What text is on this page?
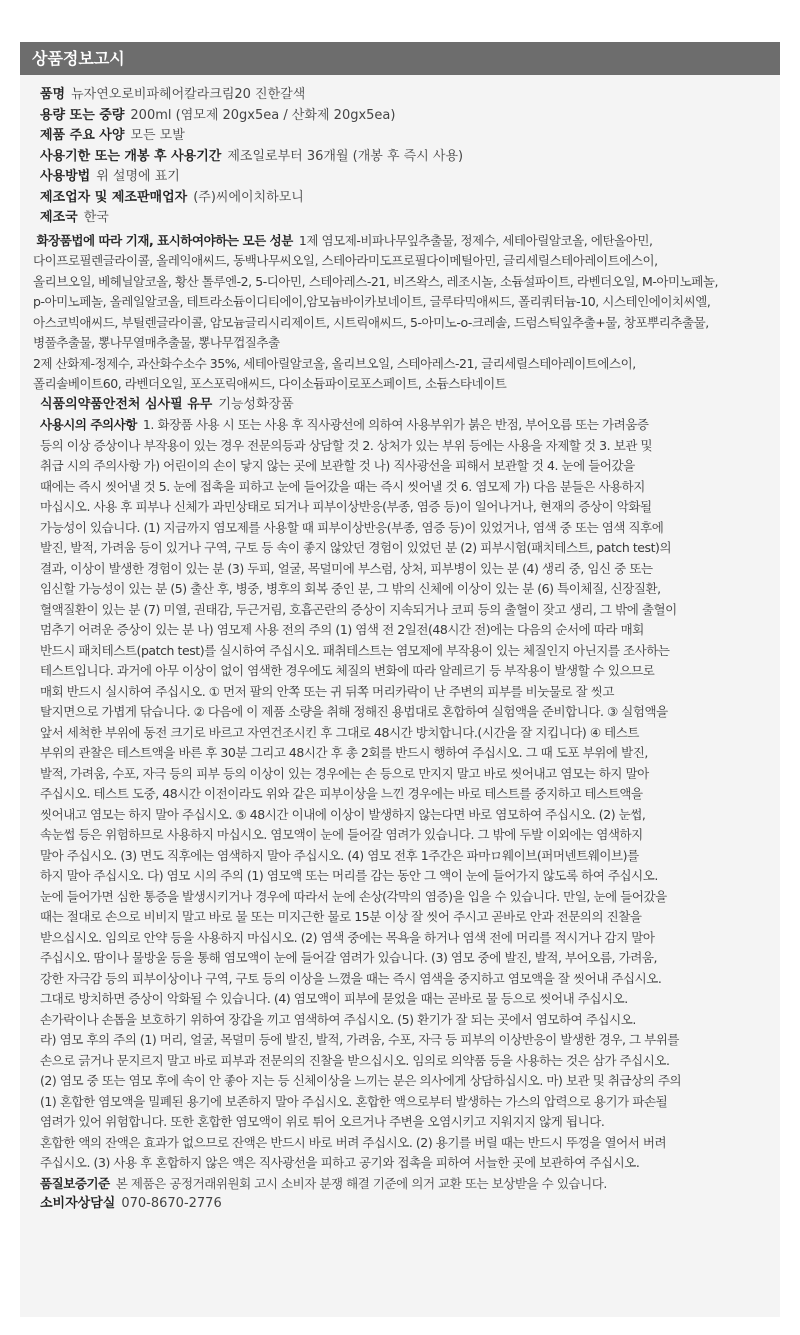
상품정보고시

품명 뉴자연오로비파헤어칼라크림20 진한갈색

용량 또는 중량 200ml (염모제 20gx5ea / 산화제 20gx5ea)

제품 주요 사양 모든 모발

사용기한 또는 개봉 후 사용기간 제조일로부터 36개월 (개봉 후 즉시 사용)

사용방법 위 설명에 표기

제조업자 및 제조판매업자 (주)씨에이치하모니

제조국 한국

화장품법에 따라 기재, 표시하여야하는 모든 성분 1제 염모제-비파나무잎추출물, 정제수, 세테아릴알코올, 에탄올아민,
다이프로필렌글라이콜, 올레익애씨드, 동백나무씨오일, 스테아라미도프로필다이메틸아민, 글리세릴스테아레이트에스이,
올리브오일, 베헤닐알코올, 황산 톨루엔-2, 5-디아민, 스테아레스-21, 비즈왁스, 레조시놀, 소듐설파이트, 라벤더오일, M-아미노페놀,
p-아미노페놀, 올레일알코올, 테트라소듐이디티에이,암모늄바이카보네이트, 글루타믹애씨드, 폴리쿼터늄-10, 시스테인에이치씨엘,
아스코빅애씨드, 부틸렌글라이콜, 암모늄글리시리제이트, 시트릭애씨드, 5-아미노-o-크레솔, 드럼스틱잎추출+물, 창포뿌리추출물,
병풀추출물, 뽕나무열매추출물, 뽕나무껍질추출
2제 산화제-정제수, 과산화수소수 35%, 세테아릴알코올, 올리브오일, 스테아레스-21, 글리세릴스테아레이트에스이,
폴리솔베이트60, 라벤더오일, 포스포릭애씨드, 다이소듐파이로포스페이트, 소듐스타네이트

식품의약품안전처 심사필 유무 기능성화장품

사용시의 주의사항 1. 화장품 사용 시 또는 사용 후 직사광선에 의하여 사용부위가 붉은 반점, 부어오름 또는 가려움증
등의 이상 증상이나 부작용이 있는 경우 전문의등과 상담할 것 2. 상처가 있는 부위 등에는 사용을 자제할 것 3. 보관 및
취급 시의 주의사항 가) 어린이의 손이 닿지 않는 곳에 보관할 것 나) 직사광선을 피해서 보관할 것 4. 눈에 들어갔을
때에는 즉시 씻어낼 것 5. 눈에 접촉을 피하고 눈에 들어갔을 때는 즉시 씻어낼 것 6. 염모제 가) 다음 분들은 사용하지
마십시오. 사용 후 피부나 신체가 과민상태로 되거나 피부이상반응(부종, 염증 등)이 일어나거나, 현재의 증상이 악화될
가능성이 있습니다. (1) 지금까지 염모제를 사용할 때 피부이상반응(부종, 염증 등)이 있었거나, 염색 중 또는 염색 직후에
발진, 발적, 가려움 등이 있거나 구역, 구토 등 속이 좋지 않았던 경험이 있었던 분 (2) 피부시험(패치테스트, patch test)의
결과, 이상이 발생한 경험이 있는 분 (3) 두피, 얼굴, 목덜미에 부스럼, 상처, 피부병이 있는 분 (4) 생리 중, 임신 중 또는
임신할 가능성이 있는 분 (5) 출산 후, 병중, 병후의 회복 중인 분, 그 밖의 신체에 이상이 있는 분 (6) 특이체질, 신장질환,
혈액질환이 있는 분 (7) 미열, 권태감, 두근거림, 호흡곤란의 증상이 지속되거나 코피 등의 출혈이 잦고 생리, 그 밖에 출혈이
멈추기 어려운 증상이 있는 분 나) 염모제 사용 전의 주의 (1) 염색 전 2일전(48시간 전)에는 다음의 순서에 따라 매회
반드시 패치테스트(patch test)를 실시하여 주십시오. 패취테스트는 염모제에 부작용이 있는 체질인지 아닌지를 조사하는
테스트입니다. 과거에 아무 이상이 없이 염색한 경우에도 체질의 변화에 따라 알레르기 등 부작용이 발생할 수 있으므로
매회 반드시 실시하여 주십시오. ① 먼저 팔의 안쪽 또는 귀 뒤쪽 머리카락이 난 주변의 피부를 비눗물로 잘 씻고
탈지면으로 가볍게 닦습니다. ② 다음에 이 제품 소량을 취해 정해진 용법대로 혼합하여 실험액을 준비합니다. ③ 실험액을
앞서 세척한 부위에 동전 크기로 바르고 자연건조시킨 후 그대로 48시간 방치합니다.(시간을 잘 지킵니다) ④ 테스트
부위의 관찰은 테스트액을 바른 후 30분 그리고 48시간 후 총 2회를 반드시 행하여 주십시오. 그 때 도포 부위에 발진,
발적, 가려움, 수포, 자극 등의 피부 등의 이상이 있는 경우에는 손 등으로 만지지 말고 바로 씻어내고 염모는 하지 말아
주십시오. 테스트 도중, 48시간 이전이라도 위와 같은 피부이상을 느낀 경우에는 바로 테스트를 중지하고 테스트액을
씻어내고 염모는 하지 말아 주십시오. ⑤ 48시간 이내에 이상이 발생하지 않는다면 바로 염모하여 주십시오. (2) 눈썹,
속눈썹 등은 위험하므로 사용하지 마십시오. 염모액이 눈에 들어갈 염려가 있습니다. 그 밖에 두발 이외에는 염색하지
말아 주십시오. (3) 면도 직후에는 염색하지 말아 주십시오. (4) 염모 전후 1주간은 파마ロ웨이브(퍼머넨트웨이브)를
하지 말아 주십시오. 다) 염모 시의 주의 (1) 염모액 또는 머리를 감는 동안 그 액이 눈에 들어가지 않도록 하여 주십시오.
눈에 들어가면 심한 통증을 발생시키거나 경우에 따라서 눈에 손상(각막의 염증)을 입을 수 있습니다. 만일, 눈에 들어갔을
때는 절대로 손으로 비비지 말고 바로 물 또는 미지근한 물로 15분 이상 잘 씻어 주시고 곧바로 안과 전문의의 진찰을
받으십시오. 임의로 안약 등을 사용하지 마십시오. (2) 염색 중에는 목욕을 하거나 염색 전에 머리를 적시거나 감지 말아
주십시오. 땀이나 물방울 등을 통해 염모액이 눈에 들어갈 염려가 있습니다. (3) 염모 중에 발진, 발적, 부어오름, 가려움,
강한 자극감 등의 피부이상이나 구역, 구토 등의 이상을 느꼈을 때는 즉시 염색을 중지하고 염모액을 잘 씻어내 주십시오.
그대로 방치하면 증상이 악화될 수 있습니다. (4) 염모액이 피부에 묻었을 때는 곧바로 물 등으로 씻어내 주십시오.
손가락이나 손톱을 보호하기 위하여 장갑을 끼고 염색하여 주십시오. (5) 환기가 잘 되는 곳에서 염모하여 주십시오.
라) 염모 후의 주의 (1) 머리, 얼굴, 목덜미 등에 발진, 발적, 가려움, 수포, 자극 등 피부의 이상반응이 발생한 경우, 그 부위를
손으로 긁거나 문지르지 말고 바로 피부과 전문의의 진찰을 받으십시오. 임의로 의약품 등을 사용하는 것은 삼가 주십시오.
(2) 염모 중 또는 염모 후에 속이 안 좋아 지는 등 신체이상을 느끼는 분은 의사에게 상담하십시오. 마) 보관 및 취급상의 주의
(1) 혼합한 염모액을 밀폐된 용기에 보존하지 말아 주십시오. 혼합한 액으로부터 발생하는 가스의 압력으로 용기가 파손될
염려가 있어 위험합니다. 또한 혼합한 염모액이 위로 튀어 오르거나 주변을 오염시키고 지워지지 않게 됩니다.
혼합한 액의 잔액은 효과가 없으므로 잔액은 반드시 바로 버려 주십시오. (2) 용기를 버릴 때는 반드시 뚜껑을 열어서 버려
주십시오. (3) 사용 후 혼합하지 않은 액은 직사광선을 피하고 공기와 접촉을 피하여 서늘한 곳에 보관하여 주십시오.

품질보증기준 본 제품은 공정거래위원회 고시 소비자 분쟁 해결 기준에 의거 교환 또는 보상받을 수 있습니다.

소비자상담실 070-8670-2776
